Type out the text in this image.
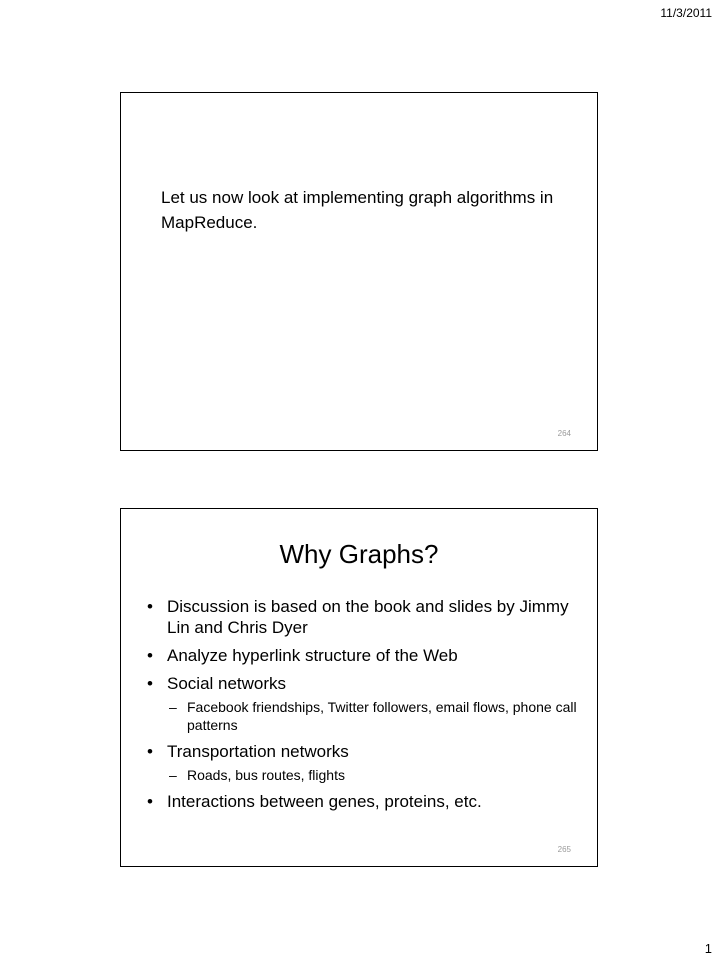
11/3/2011
Let us now look at implementing graph algorithms in MapReduce.
264
Why Graphs?
• Discussion is based on the book and slides by Jimmy Lin and Chris Dyer
• Analyze hyperlink structure of the Web
• Social networks
– Facebook friendships, Twitter followers, email flows, phone call patterns
• Transportation networks
– Roads, bus routes, flights
• Interactions between genes, proteins, etc.
265
1
